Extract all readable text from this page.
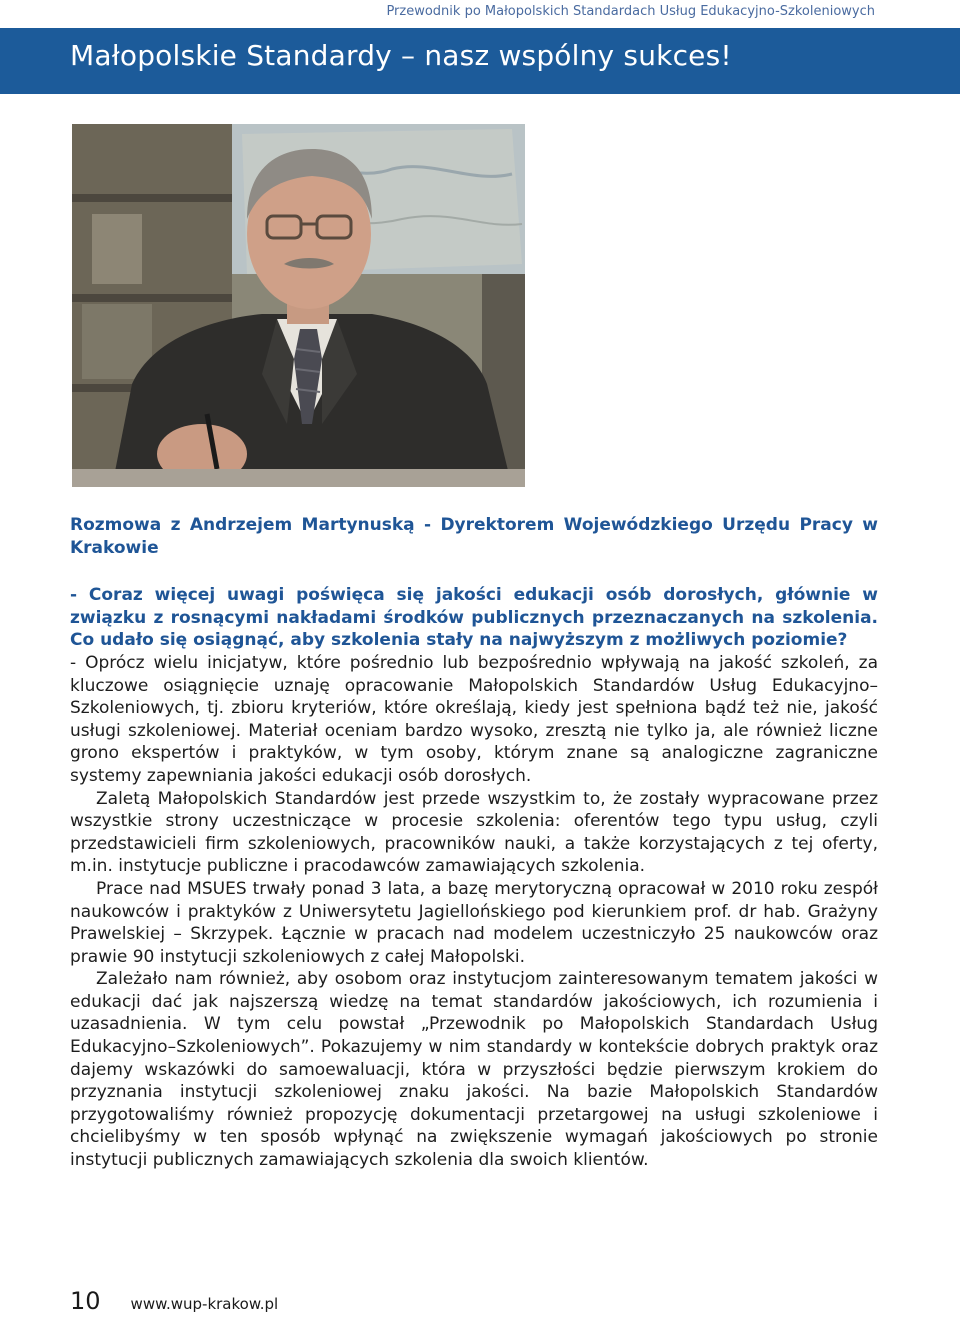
Przewodnik po Małopolskich Standardach Usług Edukacyjno-Szkoleniowych
Małopolskie Standardy – nasz wspólny sukces!

Rozmowa z Andrzejem Martynuską - Dyrektorem Wojewódzkiego Urzędu Pracy w Krakowie

- Coraz więcej uwagi poświęca się jakości edukacji osób dorosłych, głównie w związku z rosnącymi nakładami środków publicznych przeznaczanych na szkolenia. Co udało się osiągnąć, aby szkolenia stały na najwyższym z możliwych poziomie?

- Oprócz wielu inicjatyw, które pośrednio lub bezpośrednio wpływają na jakość szkoleń, za kluczowe osiągnięcie uznaję opracowanie Małopolskich Standardów Usług Edukacyjno–Szkoleniowych, tj. zbioru kryteriów, które określają, kiedy jest spełniona bądź też nie, jakość usługi szkoleniowej. Materiał oceniam bardzo wysoko, zresztą nie tylko ja, ale również liczne grono ekspertów i praktyków, w tym osoby, którym znane są analogiczne zagraniczne systemy zapewniania jakości edukacji osób dorosłych.

Zaletą Małopolskich Standardów jest przede wszystkim to, że zostały wypracowane przez wszystkie strony uczestniczące w procesie szkolenia: oferentów tego typu usług, czyli przedstawicieli firm szkoleniowych, pracowników nauki, a także korzystających z tej oferty, m.in. instytucje publiczne i pracodawców zamawiających szkolenia.

Prace nad MSUES trwały ponad 3 lata, a bazę merytoryczną opracował w 2010 roku zespół naukowców i praktyków z Uniwersytetu Jagiellońskiego pod kierunkiem prof. dr hab. Grażyny Prawelskiej – Skrzypek. Łącznie w pracach nad modelem uczestniczyło 25 naukowców oraz prawie 90 instytucji szkoleniowych z całej Małopolski.

Zależało nam również, aby osobom oraz instytucjom zainteresowanym tematem jakości w edukacji dać jak najszerszą wiedzę na temat standardów jakościowych, ich rozumienia i uzasadnienia. W tym celu powstał „Przewodnik po Małopolskich Standardach Usług Edukacyjno–Szkoleniowych”. Pokazujemy w nim standardy w kontekście dobrych praktyk oraz dajemy wskazówki do samoewaluacji, która w przyszłości będzie pierwszym krokiem do przyznania instytucji szkoleniowej znaku jakości. Na bazie Małopolskich Standardów przygotowaliśmy również propozycję dokumentacji przetargowej na usługi szkoleniowe i chcielibyśmy w ten sposób wpłynąć na zwiększenie wymagań jakościowych po stronie instytucji publicznych zamawiających szkolenia dla swoich klientów.

10 www.wup-krakow.pl
